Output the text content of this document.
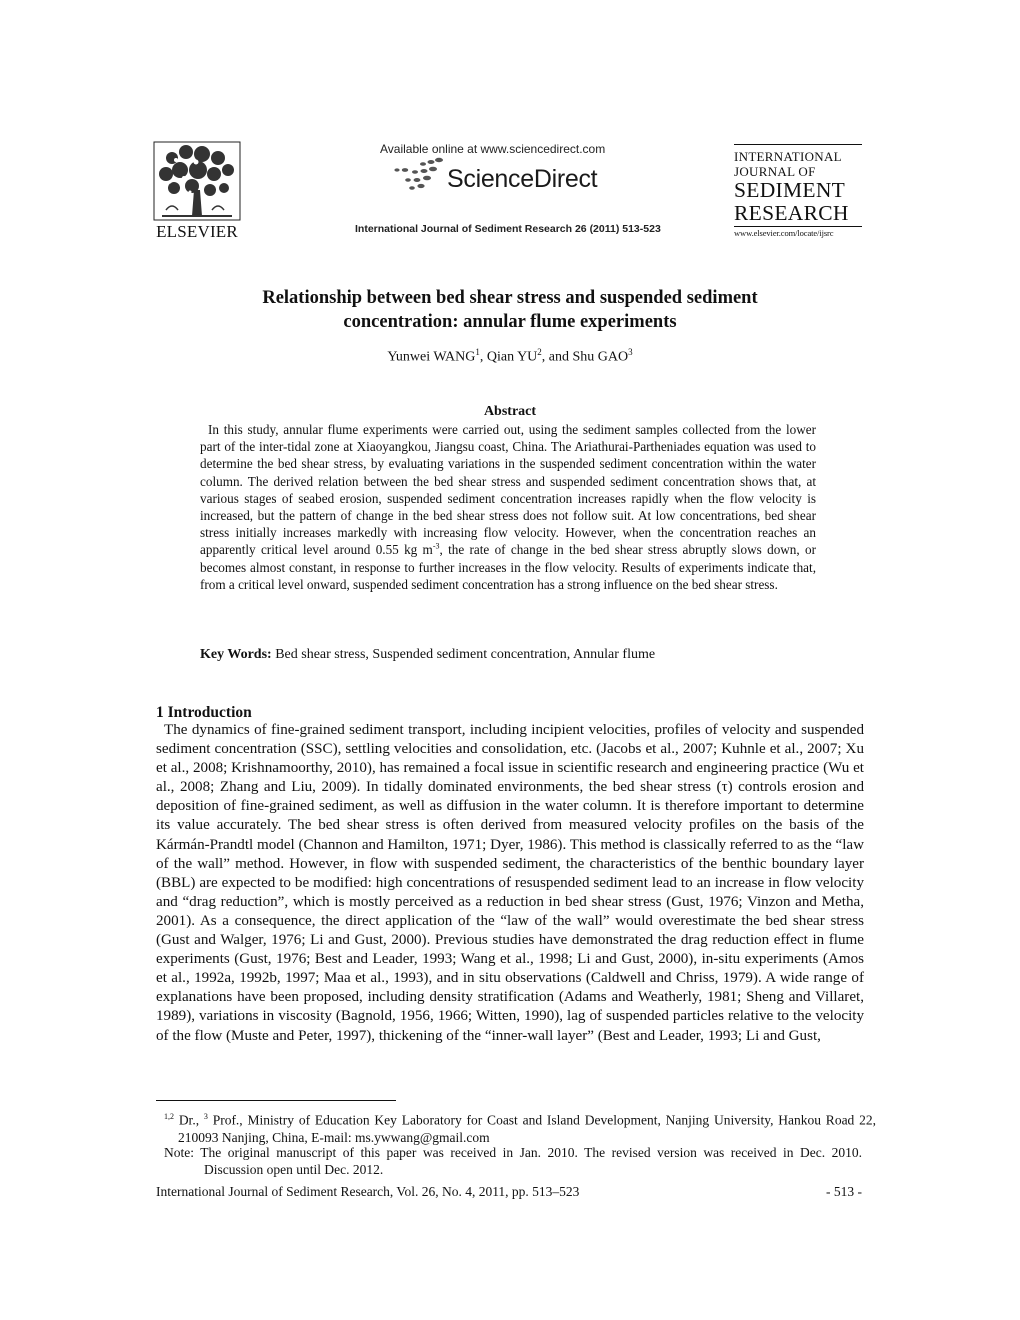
ELSEVIER
Available online at www.sciencedirect.com
ScienceDirect
International Journal of Sediment Research 26 (2011) 513-523
INTERNATIONAL
JOURNAL OF
SEDIMENT
RESEARCH
www.elsevier.com/locate/ijsrc
Relationship between bed shear stress and suspended sediment
concentration: annular flume experiments
Yunwei WANG$^1$, Qian $YU^2$, and Shu GAO$^3$
Abstract
In this study, annular flume experiments were carried out, using the sediment samples collected from the lower part of the inter-tidal zone at Xiaoyangkou, Jiangsu coast, China. The Ariathurai-Partheniades equation was used to determine the bed shear stress, by evaluating variations in the suspended sediment concentration within the water column. The derived relation between the bed shear stress and suspended sediment concentration shows that, at various stages of seabed erosion, suspended sediment concentration increases rapidly when the flow velocity is increased, but the pattern of change in the bed shear stress does not follow suit. At low concentrations, bed shear stress initially increases markedly with increasing flow velocity. However, when the concentration reaches an apparently critical level around 0.55 kg $m^{-3}$, the rate of change in the bed shear stress abruptly slows down, or becomes almost constant, in response to further increases in the flow velocity. Results of experiments indicate that, from a critical level onward, suspended sediment concentration has a strong influence on the bed shear stress.
Key Words: Bed shear stress, Suspended sediment concentration, Annular flume
1 Introduction
The dynamics of fine-grained sediment transport, including incipient velocities, profiles of velocity and suspended sediment concentration (SSC), settling velocities and consolidation, etc. (Jacobs et al., 2007; Kuhnle et al., 2007; Xu et al., 2008; Krishnamoorthy, 2010), has remained a focal issue in scientific research and engineering practice (Wu et al., 2008; Zhang and Liu, 2009). In tidally dominated environments, the bed shear stress (τ) controls erosion and deposition of fine-grained sediment, as well as diffusion in the water column. It is therefore important to determine its value accurately. The bed shear stress is often derived from measured velocity profiles on the basis of the Kármán-Prandtl model (Channon and Hamilton, 1971; Dyer, 1986). This method is classically referred to as the “law of the wall” method. However, in flow with suspended sediment, the characteristics of the benthic boundary layer (BBL) are expected to be modified: high concentrations of resuspended sediment lead to an increase in flow velocity and “drag reduction”, which is mostly perceived as a reduction in bed shear stress (Gust, 1976; Vinzon and Metha, 2001). As a consequence, the direct application of the “law of the wall” would overestimate the bed shear stress (Gust and Walger, 1976; Li and Gust, 2000). Previous studies have demonstrated the drag reduction effect in flume experiments (Gust, 1976; Best and Leader, 1993; Wang et al., 1998; Li and Gust, 2000), in-situ experiments (Amos et al., 1992a, 1992b, 1997; Maa et al., 1993), and in situ observations (Caldwell and Chriss, 1979). A wide range of explanations have been proposed, including density stratification (Adams and Weatherly, 1981; Sheng and Villaret, 1989), variations in viscosity (Bagnold, 1956, 1966; Witten, 1990), lag of suspended particles relative to the velocity of the flow (Muste and Peter, 1997), thickening of the “inner-wall layer” (Best and Leader, 1993; Li and Gust,
$^{1,2}$ Dr., $^3$ Prof., Ministry of Education Key Laboratory for Coast and Island Development, Nanjing University, Hankou Road 22, 210093 Nanjing, China, E-mail: ms.ywwang@gmail.com
Note: The original manuscript of this paper was received in Jan. 2010. The revised version was received in Dec. 2010. Discussion open until Dec. 2012.
International Journal of Sediment Research, Vol. 26, No. 4, 2011, pp. 513–523	- 513 -
